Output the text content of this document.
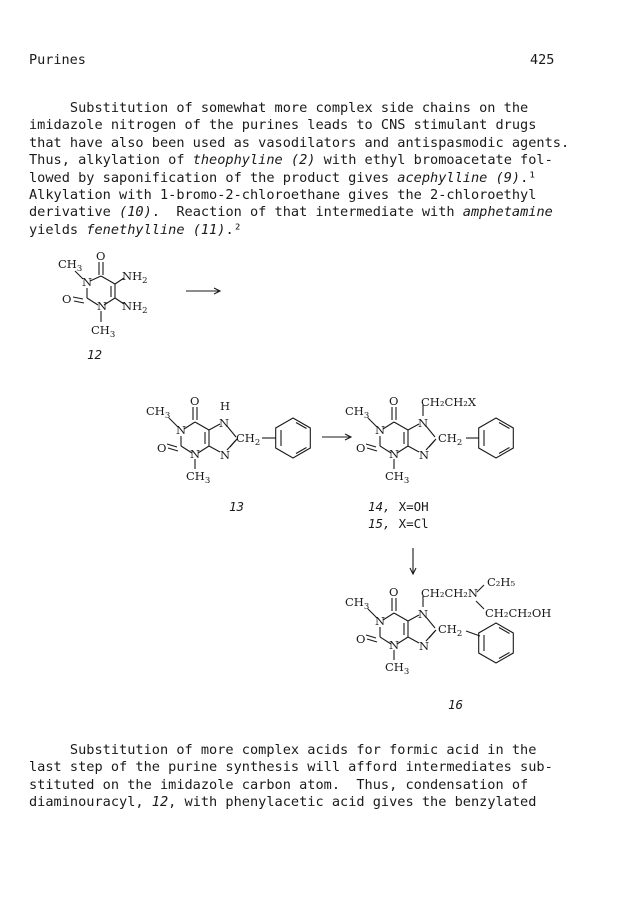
Purines	425
Substitution of somewhat more complex side chains on the
imidazole nitrogen of the purines leads to CNS stimulant drugs
that have also been used as vasodilators and antispasmodic agents.
Thus, alkylation of theophyline (2) with ethyl bromoacetate fol-
lowed by saponification of the product gives acephylline (9).¹
Alkylation with 1-bromo-2-chloroethane gives the 2-chloroethyl
derivative (10).  Reaction of that intermediate with amphetamine
yields fenethylline (11).²
O
$CH_3$
N	$NH_2$
O N $NH_2$
$CH_3$
12
O
$CH_3$
N
H
N
$CH_2$
O N N
$CH_3$
13
O
$CH_3$
N
CH₂CH₂X
N
$CH_2$
O N N
$CH_3$
14, X=OH
15, X=Cl
C₂H₅
O CH₂CH₂N
$CH_3$	CH₂CH₂OH
N	N
$CH_2$
O N N
$CH_3$
16
Substitution of more complex acids for formic acid in the
last step of the purine synthesis will afford intermediates sub-
stituted on the imidazole carbon atom.  Thus, condensation of
diaminouracyl, 12, with phenylacetic acid gives the benzylated
